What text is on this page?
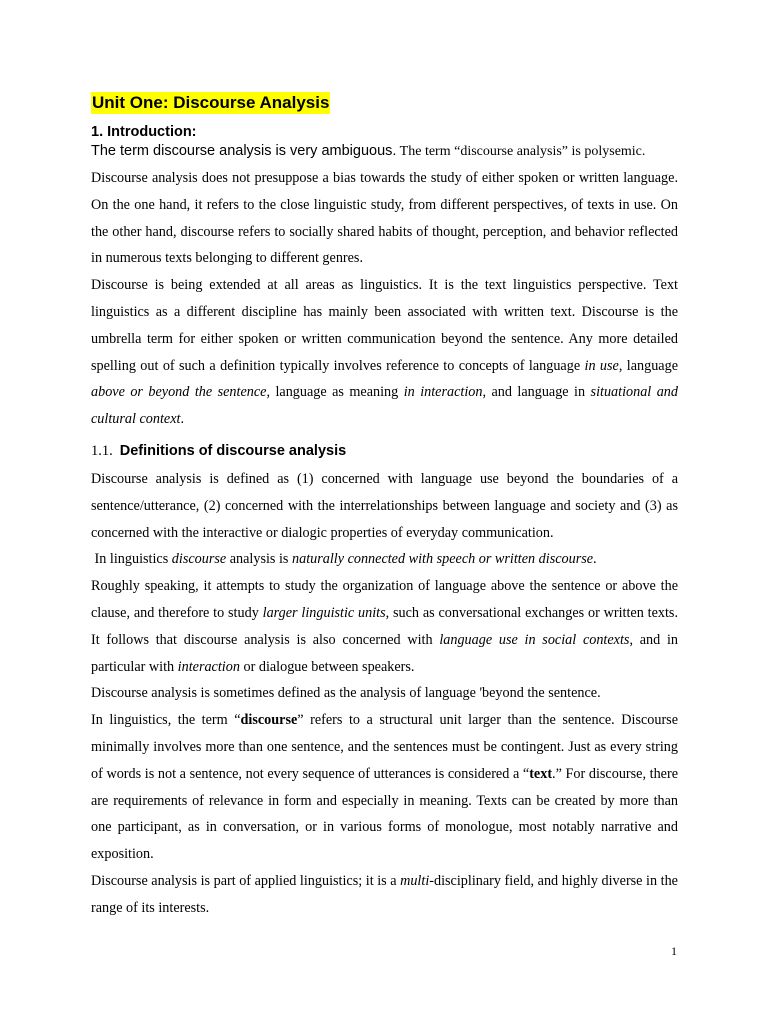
Unit One: Discourse Analysis
1. Introduction:

The term discourse analysis is very ambiguous. The term “discourse analysis” is polysemic.

Discourse analysis does not presuppose a bias towards the study of either spoken or written language. On the one hand, it refers to the close linguistic study, from different perspectives, of texts in use. On the other hand, discourse refers to socially shared habits of thought, perception, and behavior reflected in numerous texts belonging to different genres.

Discourse is being extended at all areas as linguistics. It is the text linguistics perspective. Text linguistics as a different discipline has mainly been associated with written text. Discourse is the umbrella term for either spoken or written communication beyond the sentence. Any more detailed spelling out of such a definition typically involves reference to concepts of language in use, language above or beyond the sentence, language as meaning in interaction, and language in situational and cultural context.

1.1. Definitions of discourse analysis

Discourse analysis is defined as (1) concerned with language use beyond the boundaries of a sentence/utterance, (2) concerned with the interrelationships between language and society and (3) as concerned with the interactive or dialogic properties of everyday communication.

In linguistics discourse analysis is naturally connected with speech or written discourse.

Roughly speaking, it attempts to study the organization of language above the sentence or above the clause, and therefore to study larger linguistic units, such as conversational exchanges or written texts. It follows that discourse analysis is also concerned with language use in social contexts, and in particular with interaction or dialogue between speakers.

Discourse analysis is sometimes defined as the analysis of language 'beyond the sentence.

In linguistics, the term “discourse” refers to a structural unit larger than the sentence. Discourse minimally involves more than one sentence, and the sentences must be contingent. Just as every string of words is not a sentence, not every sequence of utterances is considered a “text.” For discourse, there are requirements of relevance in form and especially in meaning. Texts can be created by more than one participant, as in conversation, or in various forms of monologue, most notably narrative and exposition.

Discourse analysis is part of applied linguistics; it is a multi-disciplinary field, and highly diverse in the range of its interests.

1
